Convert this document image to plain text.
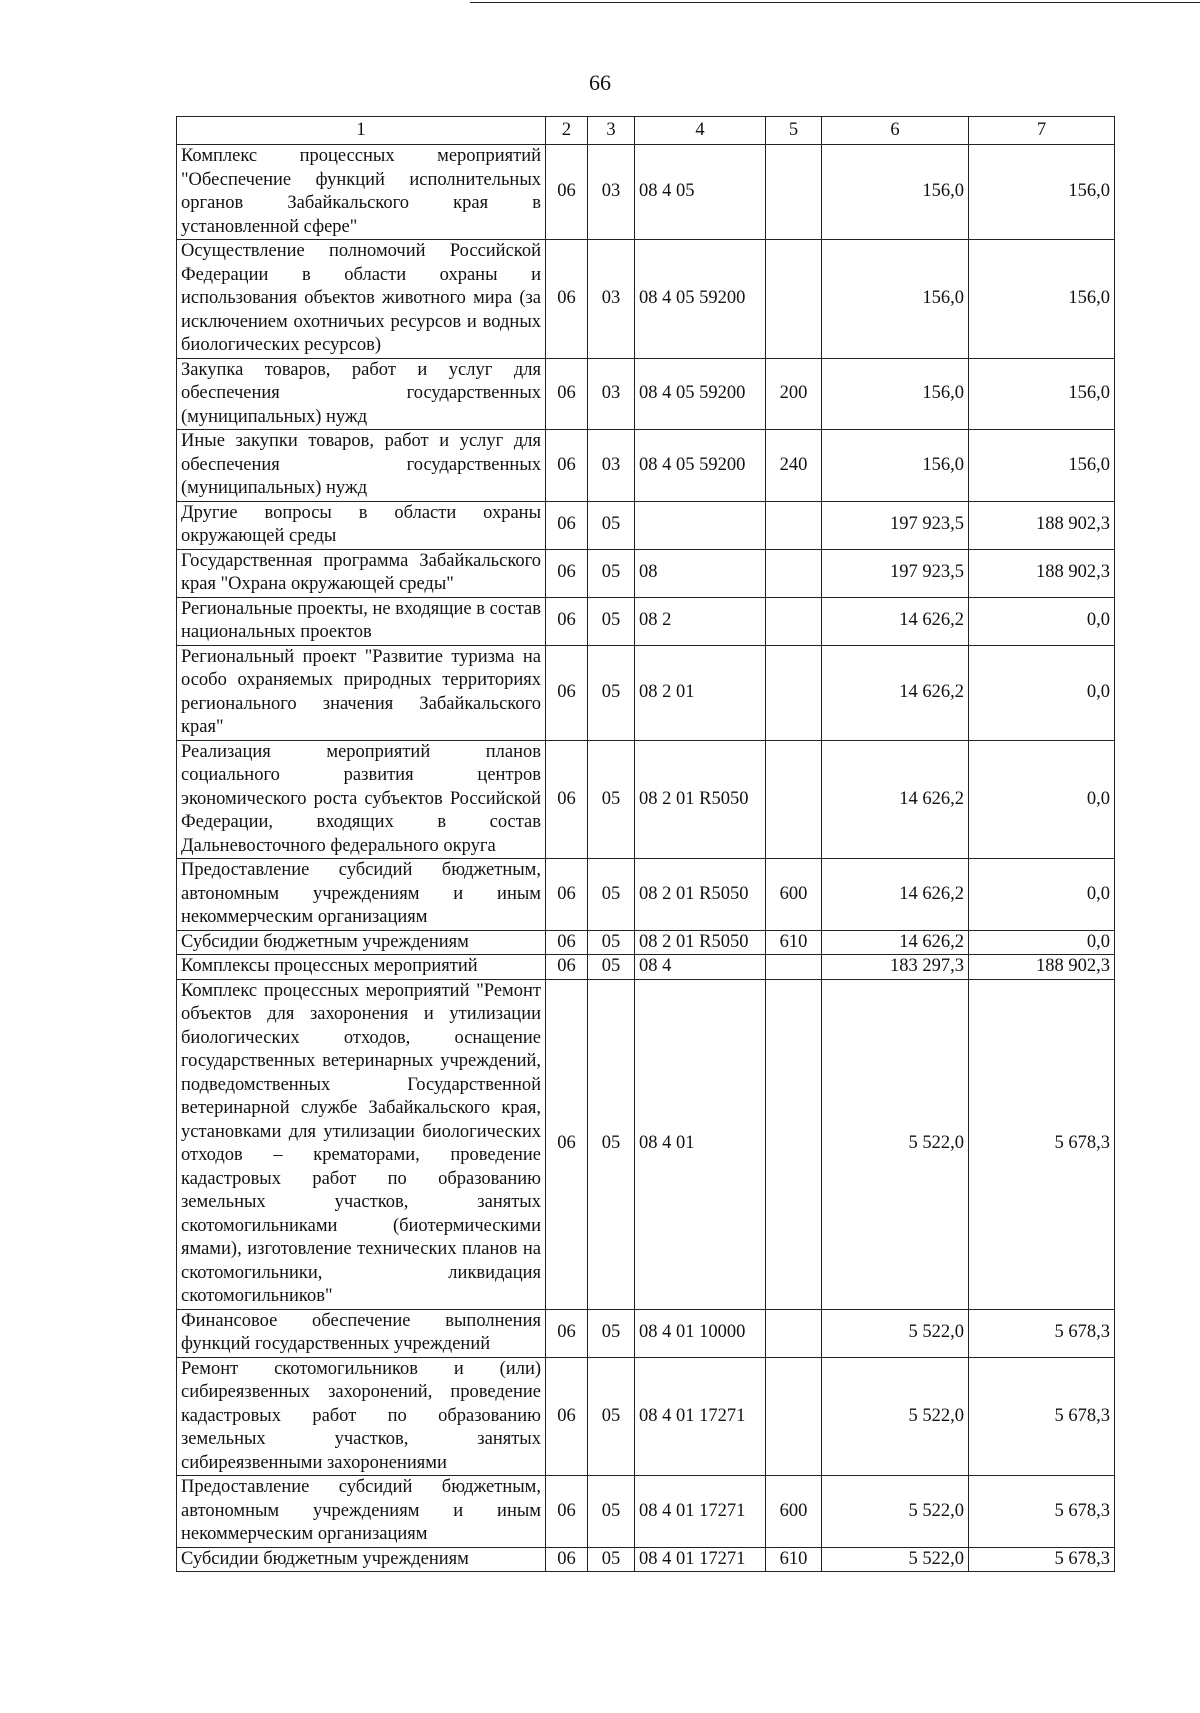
66
1	2	3	4	5	6	7
Комплекс процессных мероприятий "Обеспечение функций исполнительных органов Забайкальского края в установленной сфере"	06	03	08 4 05		156,0	156,0
Осуществление полномочий Российской Федерации в области охраны и использования объектов животного мира (за исключением охотничьих ресурсов и водных биологических ресурсов)	06	03	08 4 05 59200		156,0	156,0
Закупка товаров, работ и услуг для обеспечения государственных (муниципальных) нужд	06	03	08 4 05 59200	200	156,0	156,0
Иные закупки товаров, работ и услуг для обеспечения государственных (муниципальных) нужд	06	03	08 4 05 59200	240	156,0	156,0
Другие вопросы в области охраны окружающей среды	06	05			197 923,5	188 902,3
Государственная программа Забайкальского края "Охрана окружающей среды"	06	05	08		197 923,5	188 902,3
Региональные проекты, не входящие в состав национальных проектов	06	05	08 2		14 626,2	0,0
Региональный проект "Развитие туризма на особо охраняемых природных территориях регионального значения Забайкальского края"	06	05	08 2 01		14 626,2	0,0
Реализация мероприятий планов социального развития центров экономического роста субъектов Российской Федерации, входящих в состав Дальневосточного федерального округа	06	05	08 2 01 R5050		14 626,2	0,0
Предоставление субсидий бюджетным, автономным учреждениям и иным некоммерческим организациям	06	05	08 2 01 R5050	600	14 626,2	0,0
Субсидии бюджетным учреждениям	06	05	08 2 01 R5050	610	14 626,2	0,0
Комплексы процессных мероприятий	06	05	08 4		183 297,3	188 902,3
Комплекс процессных мероприятий "Ремонт объектов для захоронения и утилизации биологических отходов, оснащение государственных ветеринарных учреждений, подведомственных Государственной ветеринарной службе Забайкальского края, установками для утилизации биологических отходов – крематорами, проведение кадастровых работ по образованию земельных участков, занятых скотомогильниками (биотермическими ямами), изготовление технических планов на скотомогильники, ликвидация скотомогильников"	06	05	08 4 01		5 522,0	5 678,3
Финансовое обеспечение выполнения функций государственных учреждений	06	05	08 4 01 10000		5 522,0	5 678,3
Ремонт скотомогильников и (или) сибиреязвенных захоронений, проведение кадастровых работ по образованию земельных участков, занятых сибиреязвенными захоронениями	06	05	08 4 01 17271		5 522,0	5 678,3
Предоставление субсидий бюджетным, автономным учреждениям и иным некоммерческим организациям	06	05	08 4 01 17271	600	5 522,0	5 678,3
Субсидии бюджетным учреждениям	06	05	08 4 01 17271	610	5 522,0	5 678,3
